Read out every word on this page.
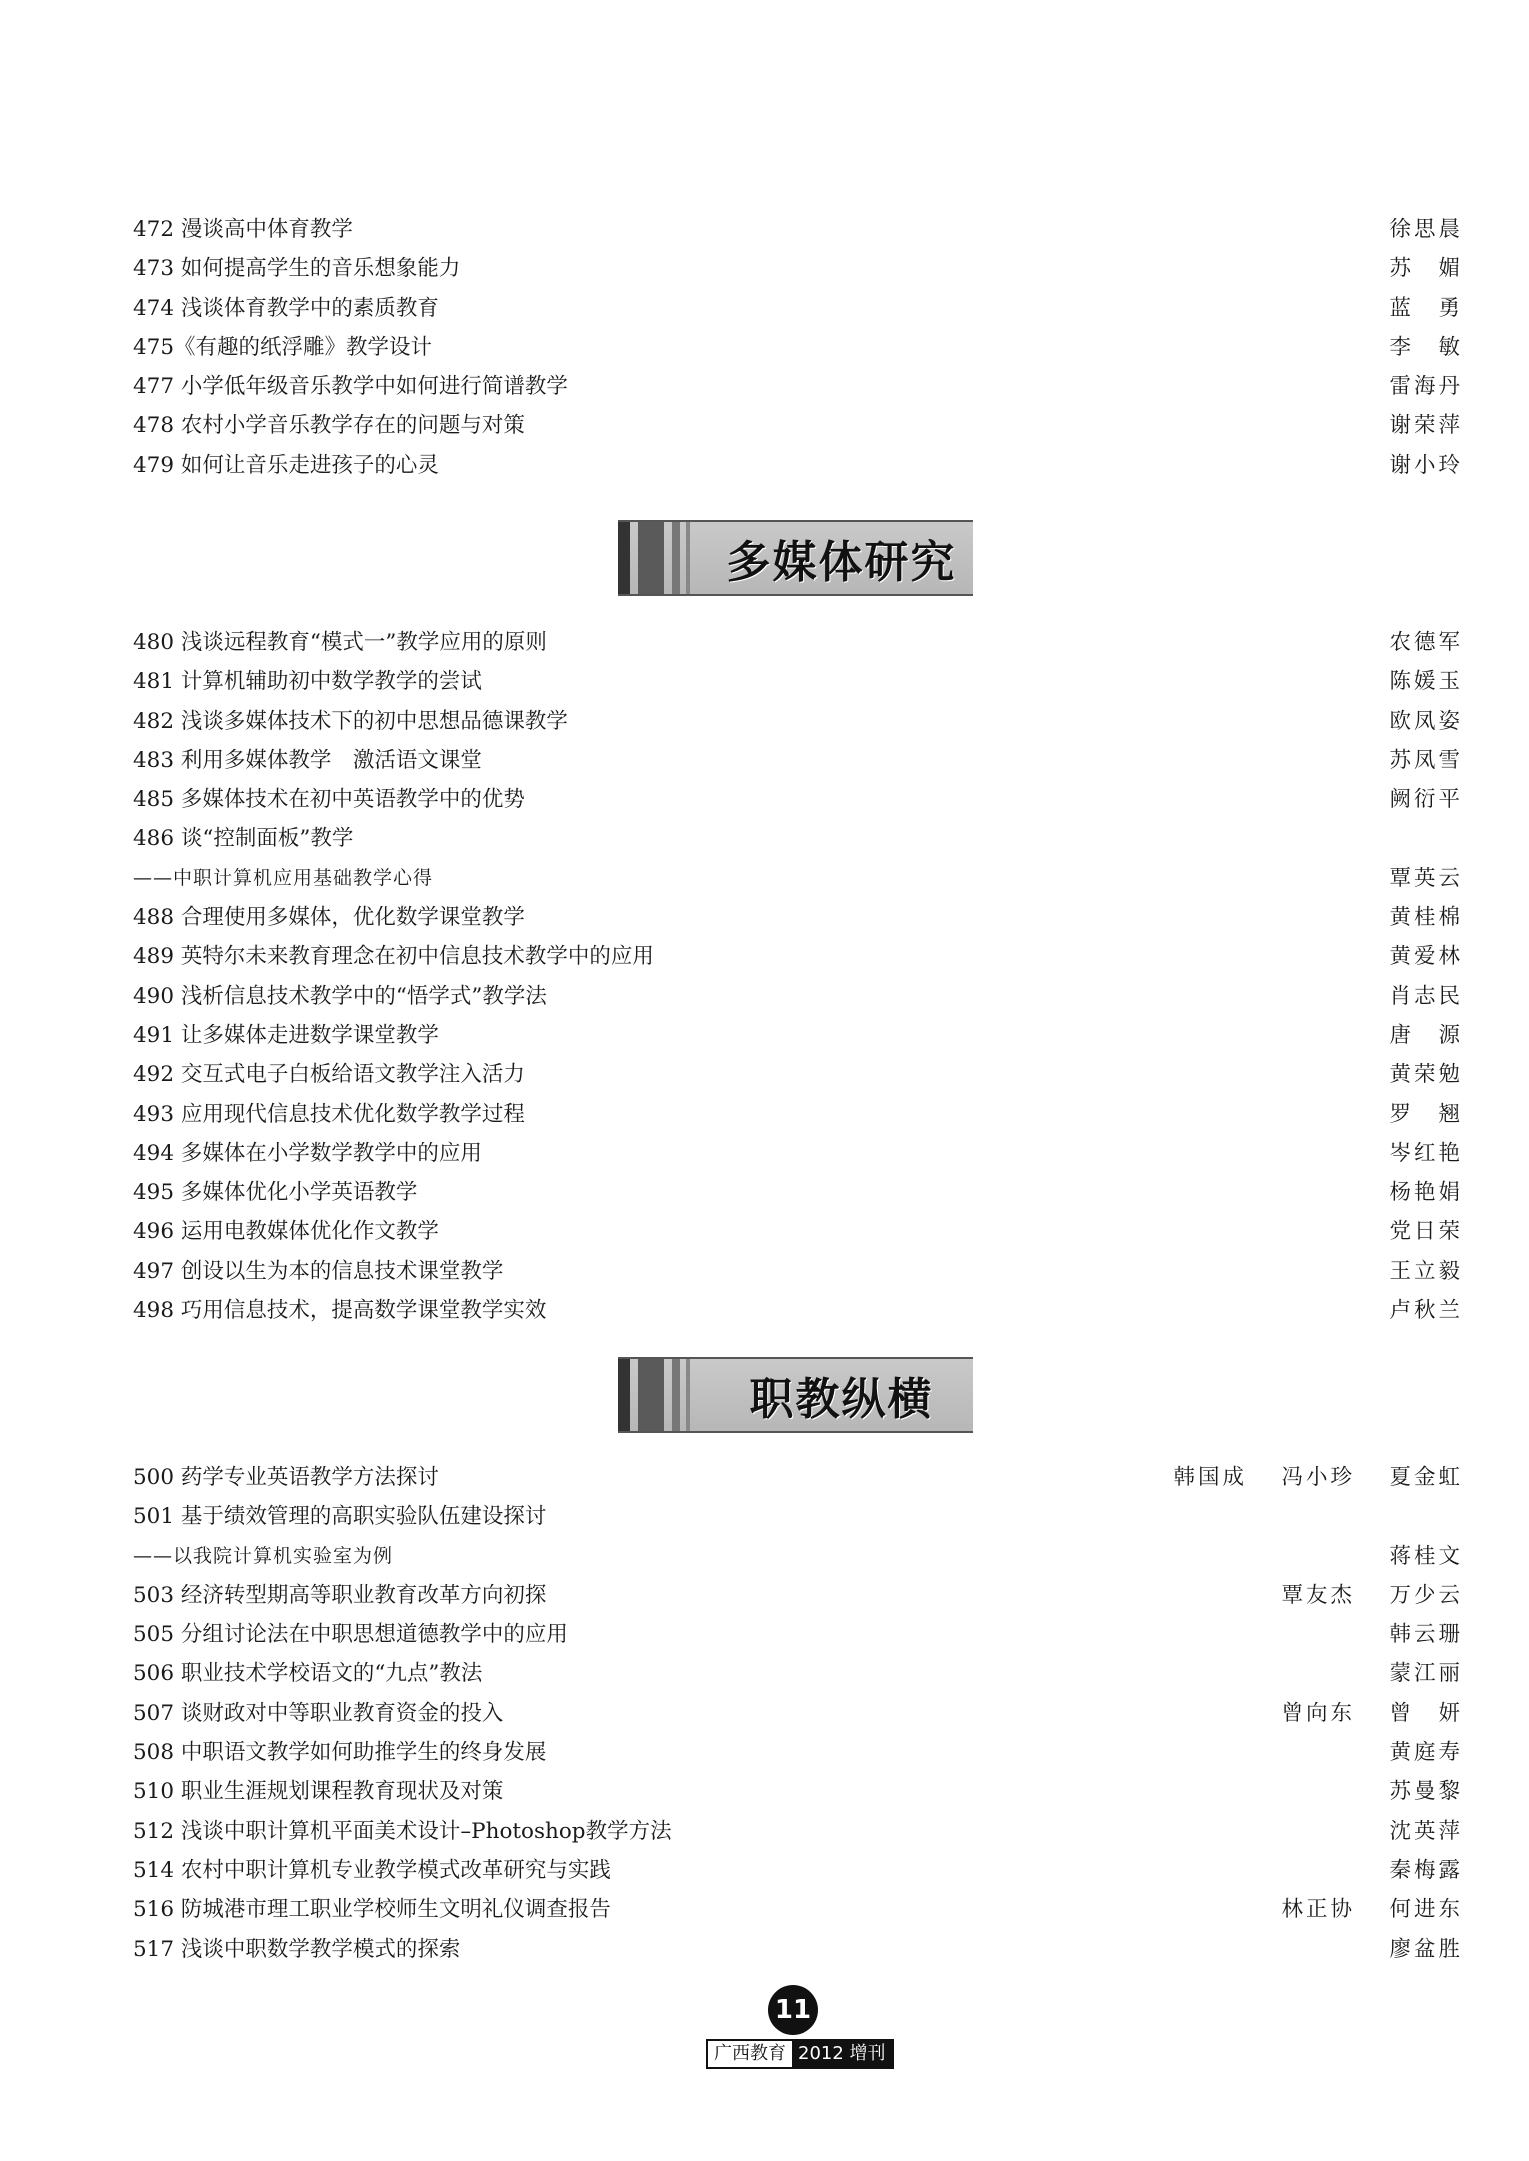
472 漫谈高中体育教学	徐思晨
473 如何提高学生的音乐想象能力	苏　媚
474 浅谈体育教学中的素质教育	蓝　勇
475《有趣的纸浮雕》教学设计	李　敏
477 小学低年级音乐教学中如何进行简谱教学	雷海丹
478 农村小学音乐教学存在的问题与对策	谢荣萍
479 如何让音乐走进孩子的心灵	谢小玲
多媒体研究
480 浅谈远程教育“模式一”教学应用的原则	农德军
481 计算机辅助初中数学教学的尝试	陈媛玉
482 浅谈多媒体技术下的初中思想品德课教学	欧凤姿
483 利用多媒体教学　激活语文课堂	苏凤雪
485 多媒体技术在初中英语教学中的优势	阙衍平
486 谈“控制面板”教学
——中职计算机应用基础教学心得	覃英云
488 合理使用多媒体，优化数学课堂教学	黄桂棉
489 英特尔未来教育理念在初中信息技术教学中的应用	黄爱林
490 浅析信息技术教学中的“悟学式”教学法	肖志民
491 让多媒体走进数学课堂教学	唐　源
492 交互式电子白板给语文教学注入活力	黄荣勉
493 应用现代信息技术优化数学教学过程	罗　翘
494 多媒体在小学数学教学中的应用	岑红艳
495 多媒体优化小学英语教学	杨艳娟
496 运用电教媒体优化作文教学	党日荣
497 创设以生为本的信息技术课堂教学	王立毅
498 巧用信息技术，提高数学课堂教学实效	卢秋兰
职教纵横
500 药学专业英语教学方法探讨	韩国成	冯小珍	夏金虹
501 基于绩效管理的高职实验队伍建设探讨
——以我院计算机实验室为例	蒋桂文
503 经济转型期高等职业教育改革方向初探	覃友杰	万少云
505 分组讨论法在中职思想道德教学中的应用	韩云珊
506 职业技术学校语文的“九点”教法	蒙江丽
507 谈财政对中等职业教育资金的投入	曾向东	曾　妍
508 中职语文教学如何助推学生的终身发展	黄庭寿
510 职业生涯规划课程教育现状及对策	苏曼黎
512 浅谈中职计算机平面美术设计–Photoshop教学方法	沈英萍
514 农村中职计算机专业教学模式改革研究与实践	秦梅露
516 防城港市理工职业学校师生文明礼仪调查报告	林正协	何进东
517 浅谈中职数学教学模式的探索	廖盆胜
11
广西教育 2012 增刊
